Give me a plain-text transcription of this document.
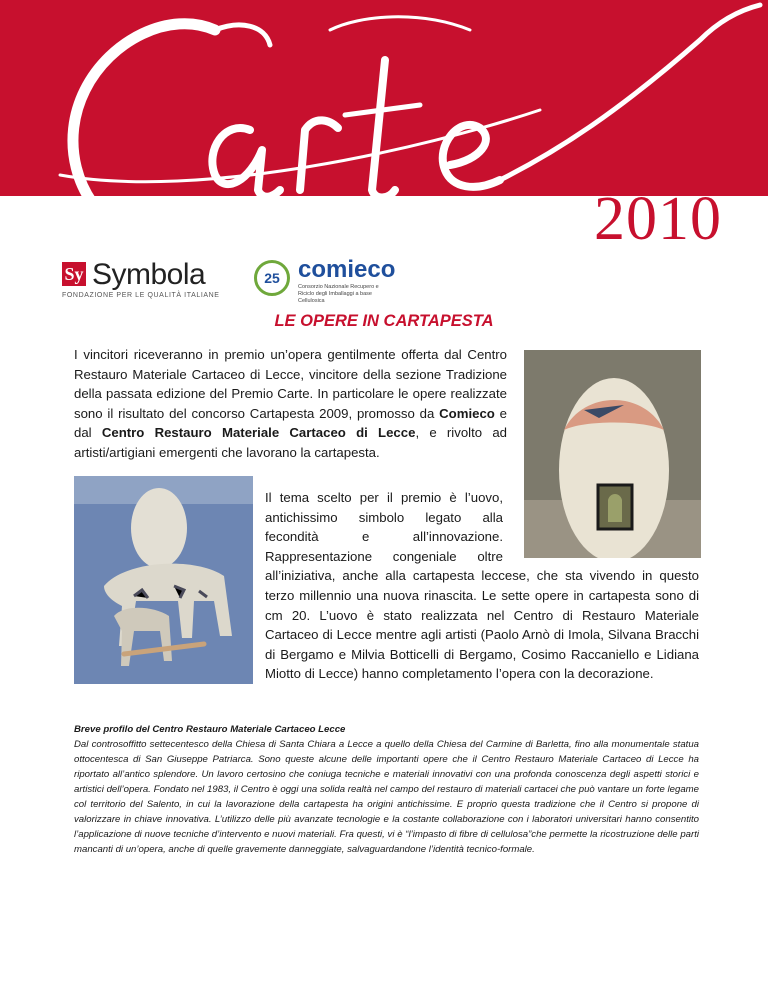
2010
Sy Symbola
FONDAZIONE PER LE QUALITÀ ITALIANE
25 comieco
Consorzio Nazionale Recupero e Riciclo degli Imballaggi a base Cellulosica
LE OPERE IN CARTAPESTA

I vincitori riceveranno in premio un’opera gentilmente offerta dal Centro Restauro Materiale Cartaceo di Lecce, vincitore della sezione Tradizione della passata edizione del Premio Carte. In particolare le opere realizzate sono il risultato del concorso Cartapesta 2009, promosso da Comieco e dal Centro Restauro Materiale Cartaceo di Lecce, e rivolto ad artisti/artigiani emergenti che lavorano la cartapesta.

Il tema scelto per il premio è l’uovo,
antichissimo simbolo legato alla
fecondità e all’innovazione.
Rappresentazione congeniale oltre
all’iniziativa, anche alla cartapesta leccese, che sta vivendo in questo terzo millennio una nuova rinascita. Le sette opere in cartapesta sono di cm 20. L’uovo è stato realizzata nel Centro di Restauro Materiale Cartaceo di Lecce mentre agli artisti (Paolo Arnò di Imola, Silvana Bracchi di Bergamo e Milvia Botticelli di Bergamo, Cosimo Raccaniello e Lidiana Miotto di Lecce) hanno completamento l’opera con la decorazione.

Breve profilo del Centro Restauro Materiale Cartaceo Lecce
Dal controsoffitto settecentesco della Chiesa di Santa Chiara a Lecce a quello della Chiesa del Carmine di Barletta, fino alla monumentale statua ottocentesca di San Giuseppe Patriarca. Sono queste alcune delle importanti opere che il Centro Restauro Materiale Cartaceo di Lecce ha riportato all’antico splendore. Un lavoro certosino che coniuga tecniche e materiali innovativi con una profonda conoscenza degli aspetti storici e artistici dell’opera. Fondato nel 1983, il Centro è oggi una solida realtà nel campo del restauro di materiali cartacei che può vantare un forte legame col territorio del Salento, in cui la lavorazione della cartapesta ha origini antichissime. E proprio questa tradizione che il Centro si propone di valorizzare in chiave innovativa. L’utilizzo delle più avanzate tecnologie e la costante collaborazione con i laboratori universitari hanno consentito l’applicazione di nuove tecniche d’intervento e nuovi materiali. Fra questi, vi è “l’impasto di fibre di cellulosa”che permette la ricostruzione delle parti mancanti di un’opera, anche di quelle gravemente danneggiate, salvaguardandone l’identità tecnico-formale.
